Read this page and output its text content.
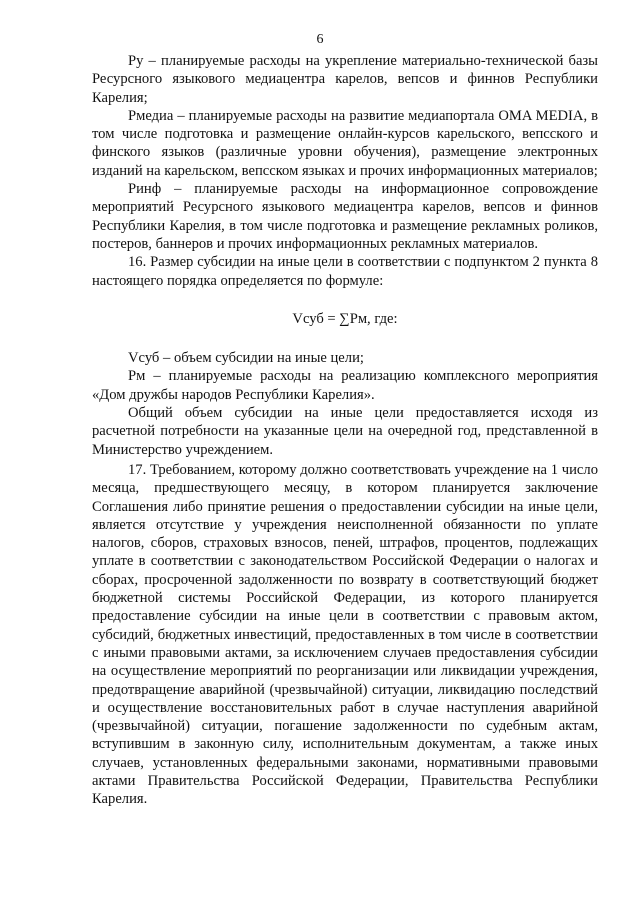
6

Ру – планируемые расходы на укрепление материально-технической базы Ресурсного языкового медиацентра карелов, вепсов и финнов Республики Карелия;

Рмедиа – планируемые расходы на развитие медиапортала OMA MEDIA, в том числе подготовка и размещение онлайн-курсов карельского, вепсского и финского языков (различные уровни обучения), размещение электронных изданий на карельском, вепсском языках и прочих информационных материалов;

Ринф – планируемые расходы на информационное сопровождение мероприятий Ресурсного языкового медиацентра карелов, вепсов и финнов Республики Карелия, в том числе подготовка и размещение рекламных роликов, постеров, баннеров и прочих информационных рекламных материалов.

16. Размер субсидии на иные цели в соответствии с подпунктом 2 пункта 8 настоящего порядка определяется по формуле:

Vсуб = ∑Рм, где:

Vсуб – объем субсидии на иные цели;

Рм – планируемые расходы на реализацию комплексного мероприятия «Дом дружбы народов Республики Карелия».

Общий объем субсидии на иные цели предоставляется исходя из расчетной потребности на указанные цели на очередной год, представленной в Министерство учреждением.

17. Требованием, которому должно соответствовать учреждение на 1 число месяца, предшествующего месяцу, в котором планируется заключение Соглашения либо принятие решения о предоставлении субсидии на иные цели, является отсутствие у учреждения неисполненной обязанности по уплате налогов, сборов, страховых взносов, пеней, штрафов, процентов, подлежащих уплате в соответствии с законодательством Российской Федерации о налогах и сборах, просроченной задолженности по возврату в соответствующий бюджет бюджетной системы Российской Федерации, из которого планируется предоставление субсидии на иные цели в соответствии с правовым актом, субсидий, бюджетных инвестиций, предоставленных в том числе в соответствии с иными правовыми актами, за исключением случаев предоставления субсидии на осуществление мероприятий по реорганизации или ликвидации учреждения, предотвращение аварийной (чрезвычайной) ситуации, ликвидацию последствий и осуществление восстановительных работ в случае наступления аварийной (чрезвычайной) ситуации, погашение задолженности по судебным актам, вступившим в законную силу, исполнительным документам, а также иных случаев, установленных федеральными законами, нормативными правовыми актами Правительства Российской Федерации, Правительства Республики Карелия.
